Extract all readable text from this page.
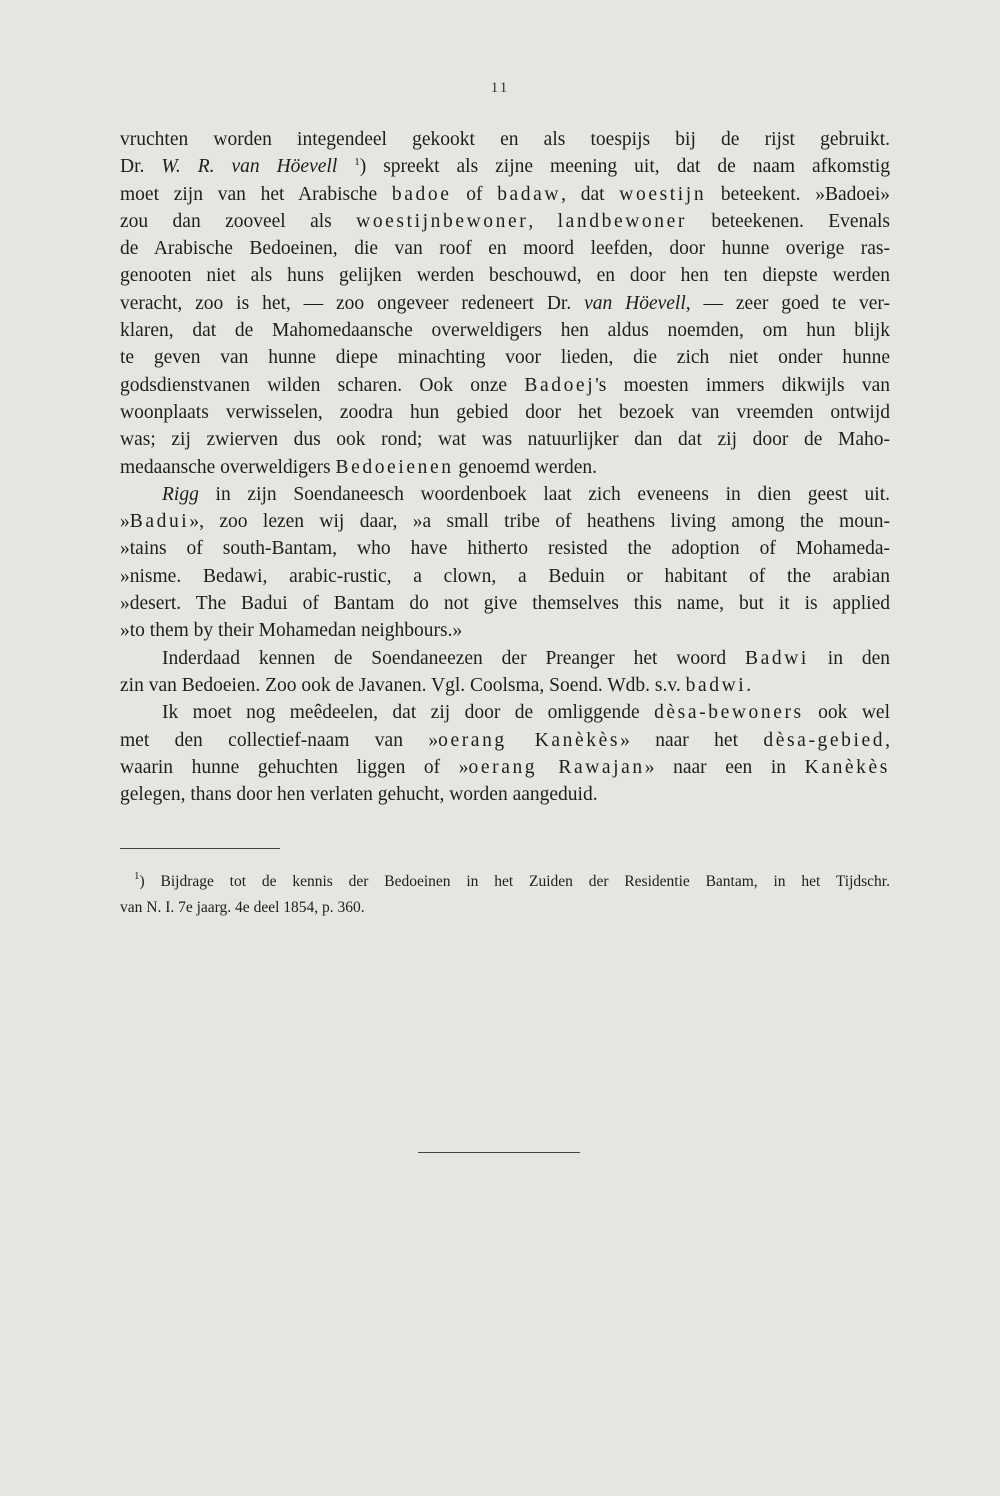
11
vruchten worden integendeel gekookt en als toespijs bij de rijst gebruikt.
Dr. W. R. van Höevell $^1$) spreekt als zijne meening uit, dat de naam afkomstig
moet zijn van het Arabische badoe of badaw, dat woestijn beteekent. »Badoei»
zou dan zooveel als woestijnbewoner, landbewoner beteekenen. Evenals
de Arabische Bedoeinen, die van roof en moord leefden, door hunne overige ras-
genooten niet als huns gelijken werden beschouwd, en door hen ten diepste werden
veracht, zoo is het, — zoo ongeveer redeneert Dr. van Höevell, — zeer goed te ver-
klaren, dat de Mahomedaansche overweldigers hen aldus noemden, om hun blijk
te geven van hunne diepe minachting voor lieden, die zich niet onder hunne
godsdienstvanen wilden scharen. Ook onze Badoej's moesten immers dikwijls van
woonplaats verwisselen, zoodra hun gebied door het bezoek van vreemden ontwijd
was; zij zwierven dus ook rond; wat was natuurlijker dan dat zij door de Maho-
medaansche overweldigers Bedoeienen genoemd werden.
Rigg in zijn Soendaneesch woordenboek laat zich eveneens in dien geest uit.
»Badui», zoo lezen wij daar, »a small tribe of heathens living among the moun-
»tains of south-Bantam, who have hitherto resisted the adoption of Mohameda-
»nisme. Bedawi, arabic-rustic, a clown, a Beduin or habitant of the arabian
»desert. The Badui of Bantam do not give themselves this name, but it is applied
»to them by their Mohamedan neighbours.»
Inderdaad kennen de Soendaneezen der Preanger het woord Badwi in den
zin van Bedoeien. Zoo ook de Javanen. Vgl. Coolsma, Soend. Wdb. s.v. badwi.
Ik moet nog meêdeelen, dat zij door de omliggende dèsa-bewoners ook wel
met den collectief-naam van »oerang Kanèkès» naar het dèsa-gebied,
waarin hunne gehuchten liggen of »oerang Rawajan» naar een in Kanèkès
gelegen, thans door hen verlaten gehucht, worden aangeduid.
$^1$) Bijdrage tot de kennis der Bedoeinen in het Zuiden der Residentie Bantam, in het Tijdschr.
van N. I. 7e jaarg. 4e deel 1854, p. 360.
